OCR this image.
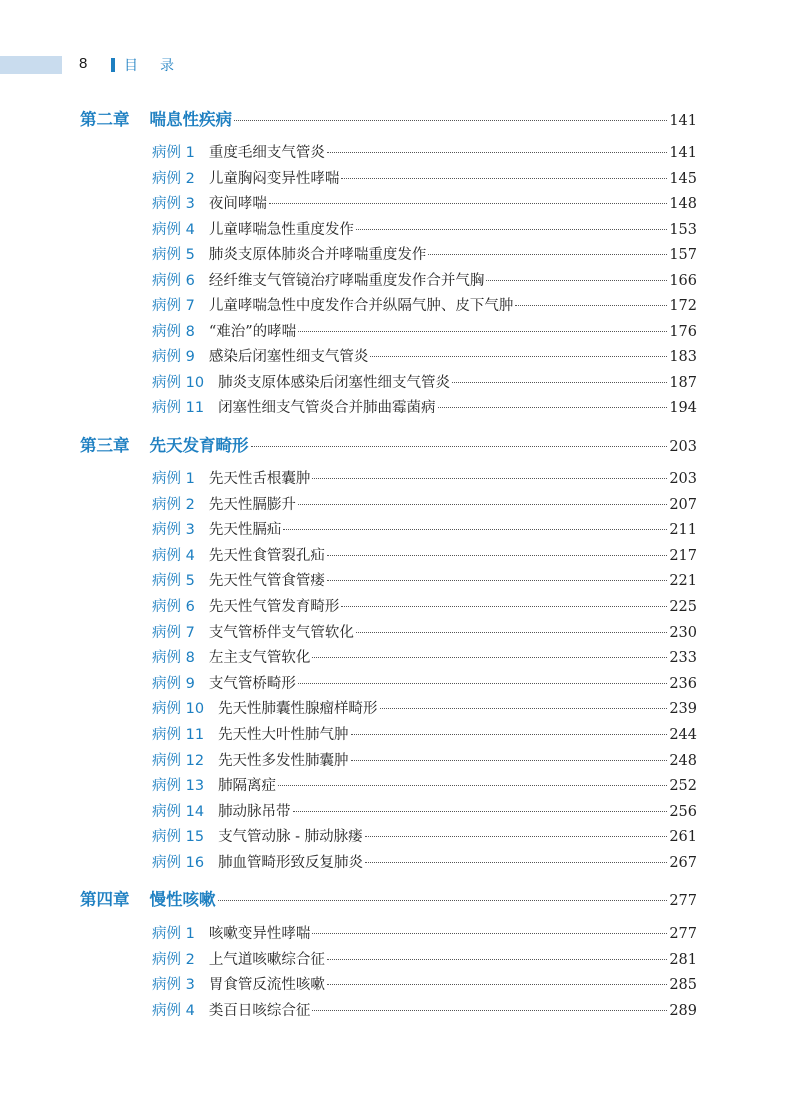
8	目录
第二章 喘息性疾病	141
病例 1 重度毛细支气管炎	141
病例 2 儿童胸闷变异性哮喘	145
病例 3 夜间哮喘	148
病例 4 儿童哮喘急性重度发作	153
病例 5 肺炎支原体肺炎合并哮喘重度发作	157
病例 6 经纤维支气管镜治疗哮喘重度发作合并气胸	166
病例 7 儿童哮喘急性中度发作合并纵隔气肿、皮下气肿	172
病例 8 “难治”的哮喘	176
病例 9 感染后闭塞性细支气管炎	183
病例 10 肺炎支原体感染后闭塞性细支气管炎	187
病例 11 闭塞性细支气管炎合并肺曲霉菌病	194
第三章 先天发育畸形	203
病例 1 先天性舌根囊肿	203
病例 2 先天性膈膨升	207
病例 3 先天性膈疝	211
病例 4 先天性食管裂孔疝	217
病例 5 先天性气管食管瘘	221
病例 6 先天性气管发育畸形	225
病例 7 支气管桥伴支气管软化	230
病例 8 左主支气管软化	233
病例 9 支气管桥畸形	236
病例 10 先天性肺囊性腺瘤样畸形	239
病例 11 先天性大叶性肺气肿	244
病例 12 先天性多发性肺囊肿	248
病例 13 肺隔离症	252
病例 14 肺动脉吊带	256
病例 15 支气管动脉 - 肺动脉瘘	261
病例 16 肺血管畸形致反复肺炎	267
第四章 慢性咳嗽	277
病例 1 咳嗽变异性哮喘	277
病例 2 上气道咳嗽综合征	281
病例 3 胃食管反流性咳嗽	285
病例 4 类百日咳综合征	289
